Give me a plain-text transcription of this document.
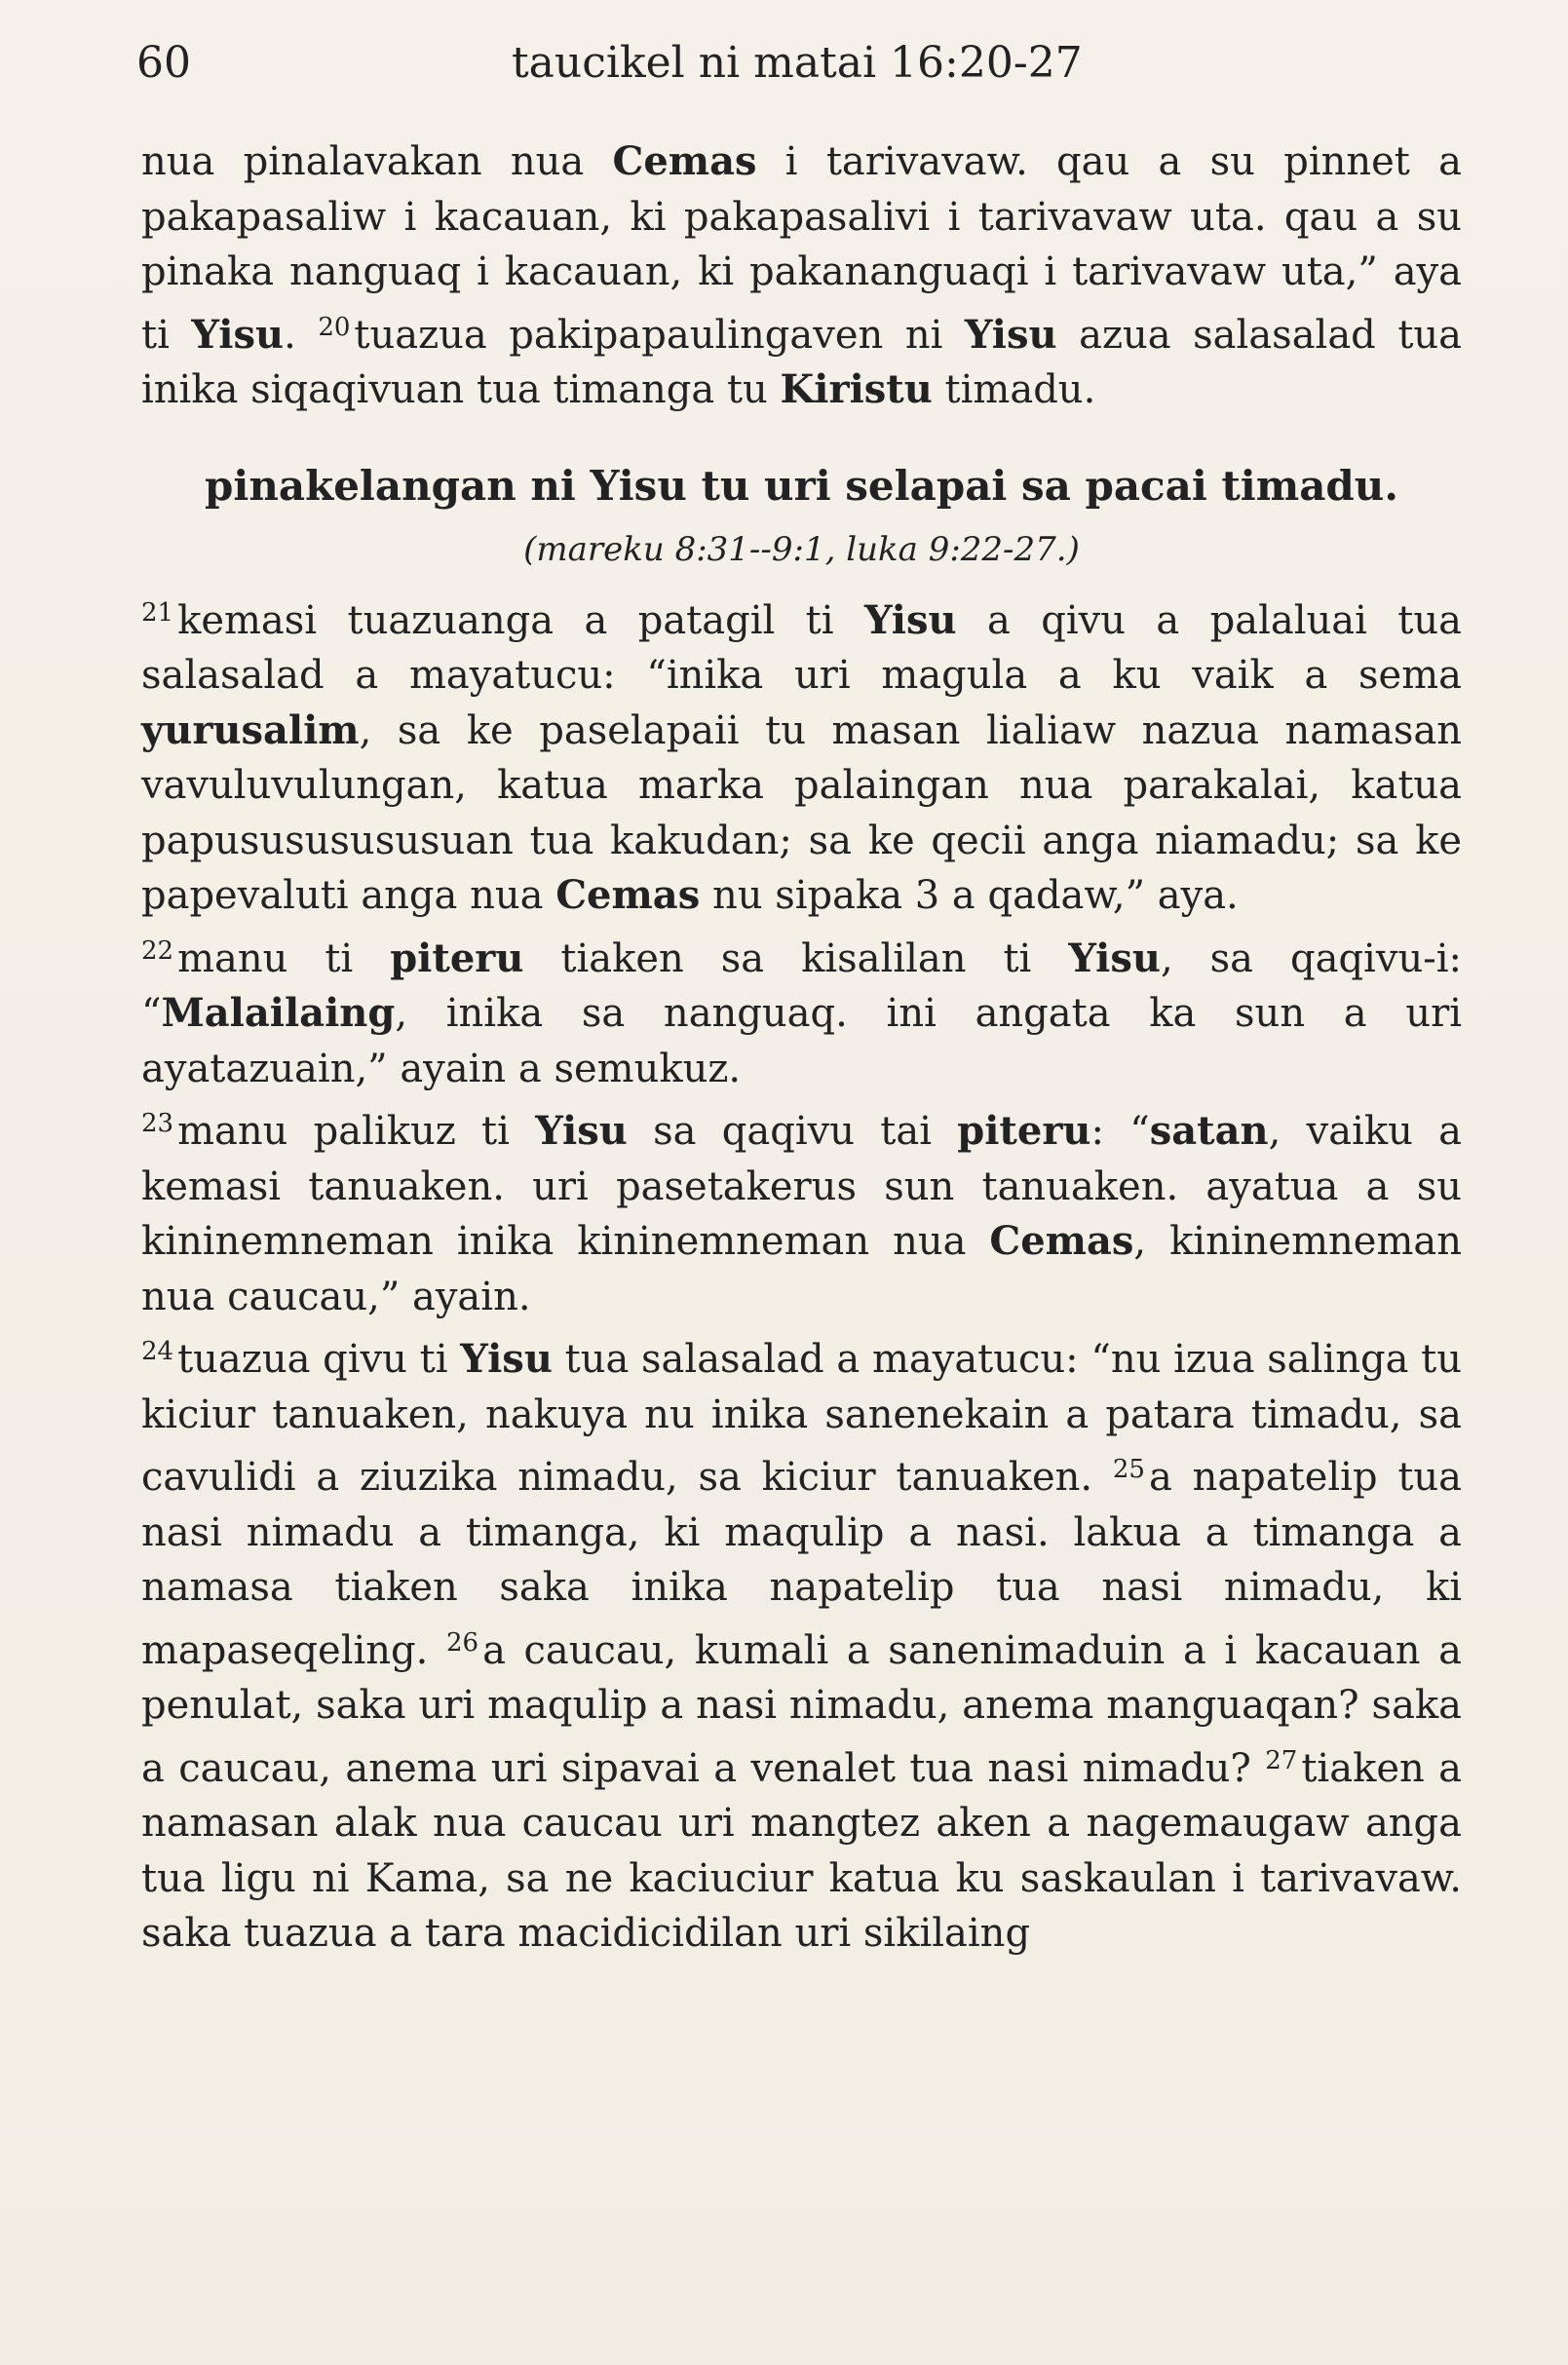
60	taucikel ni matai 16:20-27

nua pinalavakan nua Cemas i tarivavaw. qau a su pinnet a pakapasaliw i kacauan, ki pakapasalivi i tarivavaw uta. qau a su pinaka nanguaq i kacauan, ki pakananguaqi i tarivavaw uta,” aya ti Yisu. $^{20}$ tuazua pakipapaulingaven ni Yisu azua salasalad tua inika siqaqivuan tua timanga tu Kiristu timadu.

pinakelangan ni Yisu tu uri selapai sa pacai timadu.
(mareku 8:31--9:1, luka 9:22-27.)

$^{21}$ kemasi tuazuanga a patagil ti Yisu a qivu a palaluai tua salasalad a mayatucu: “inika uri magula a ku vaik a sema yurusalim, sa ke paselapaii tu masan lialiaw nazua namasan vavuluvulungan, katua marka palaingan nua parakalai, katua papusususususuan tua kakudan; sa ke qecii anga niamadu; sa ke papevaluti anga nua Cemas nu sipaka 3 a qadaw,” aya.

$^{22}$ manu ti piteru tiaken sa kisalilan ti Yisu, sa qaqivu-i: “Malailaing, inika sa nanguaq. ini angata ka sun a uri ayatazuain,” ayain a semukuz.

$^{23}$ manu palikuz ti Yisu sa qaqivu tai piteru: “satan, vaiku a kemasi tanuaken. uri pasetakerus sun tanuaken. ayatua a su kininemneman inika kininemneman nua Cemas, kininemneman nua caucau,” ayain.

$^{24}$ tuazua qivu ti Yisu tua salasalad a mayatucu: “nu izua salinga tu kiciur tanuaken, nakuya nu inika sanenekain a patara timadu, sa cavulidi a ziuzika nimadu, sa kiciur tanuaken. $^{25}$ a napatelip tua nasi nimadu a timanga, ki maqulip a nasi. lakua a timanga a namasa tiaken saka inika napatelip tua nasi nimadu, ki mapaseqeling. $^{26}$ a caucau, kumali a sanenimaduin a i kacauan a penulat, saka uri maqulip a nasi nimadu, anema manguaqan? saka a caucau, anema uri sipavai a venalet tua nasi nimadu? $^{27}$ tiaken a namasan alak nua caucau uri mangtez aken a nagemaugaw anga tua ligu ni Kama, sa ne kaciuciur katua ku saskaulan i tarivavaw. saka tuazua a tara macidicidilan uri sikilaing
